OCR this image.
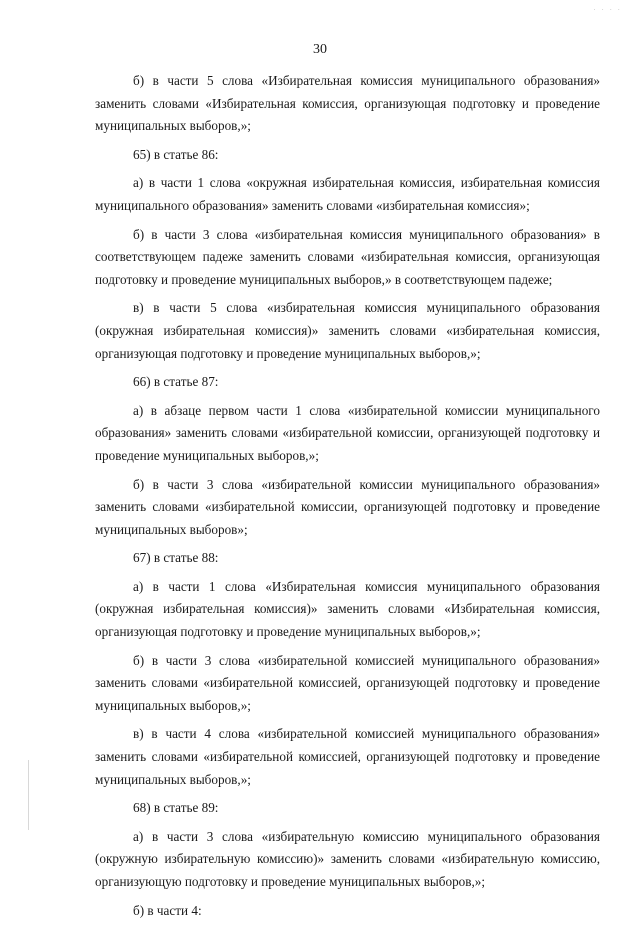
· · · ·
30

б) в части 5 слова «Избирательная комиссия муниципального образования» заменить словами «Избирательная комиссия, организующая подготовку и проведение муниципальных выборов,»;

65) в статье 86:

а) в части 1 слова «окружная избирательная комиссия, избирательная комиссия муниципального образования» заменить словами «избирательная комиссия»;

б) в части 3 слова «избирательная комиссия муниципального образования» в соответствующем падеже заменить словами «избирательная комиссия, организующая подготовку и проведение муниципальных выборов,» в соответствующем падеже;

в) в части 5 слова «избирательная комиссия муниципального образования (окружная избирательная комиссия)» заменить словами «избирательная комиссия, организующая подготовку и проведение муниципальных выборов,»;

66) в статье 87:

а) в абзаце первом части 1 слова «избирательной комиссии муниципального образования» заменить словами «избирательной комиссии, организующей подготовку и проведение муниципальных выборов,»;

б) в части 3 слова «избирательной комиссии муниципального образования» заменить словами «избирательной комиссии, организующей подготовку и проведение муниципальных выборов»;

67) в статье 88:

а) в части 1 слова «Избирательная комиссия муниципального образования (окружная избирательная комиссия)» заменить словами «Избирательная комиссия, организующая подготовку и проведение муниципальных выборов,»;

б) в части 3 слова «избирательной комиссией муниципального образования» заменить словами «избирательной комиссией, организующей подготовку и проведение муниципальных выборов,»;

в) в части 4 слова «избирательной комиссией муниципального образования» заменить словами «избирательной комиссией, организующей подготовку и проведение муниципальных выборов,»;

68) в статье 89:

а) в части 3 слова «избирательную комиссию муниципального образования (окружную избирательную комиссию)» заменить словами «избирательную комиссию, организующую подготовку и проведение муниципальных выборов,»;

б) в части 4:
